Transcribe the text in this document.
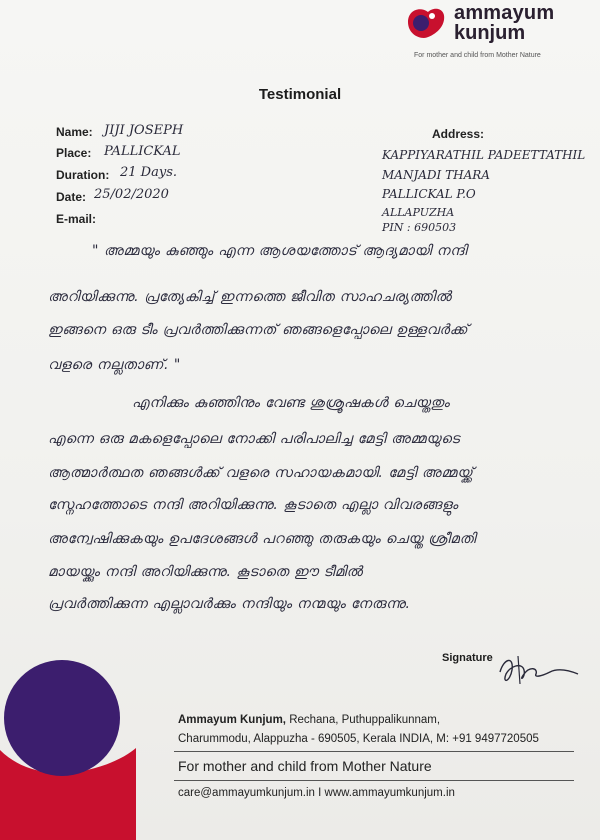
ammayum
kunjum
For mother and child from Mother Nature
Testimonial
Name: JIJI JOSEPH
Place: PALLICKAL
Duration: 21 Days.
Date: 25/02/2020
E-mail:
Address:
KAPPIYARATHIL PADEETTATHIL
MANJADI THARA
PALLICKAL P.O
ALLAPUZHA
PIN : 690503
" അമ്മയും കുഞ്ഞും എന്ന ആശയത്തോട് ആദ്യമായി നന്ദി
അറിയിക്കുന്നു. പ്രത്യേകിച്ച് ഇന്നത്തെ ജീവിത സാഹചര്യത്തിൽ
ഇങ്ങനെ ഒരു ടീം പ്രവർത്തിക്കുന്നത് ഞങ്ങളെപ്പോലെ ഉള്ളവർക്ക്
വളരെ നല്ലതാണ്. "
എനിക്കും കുഞ്ഞിനും വേണ്ട ശുശ്രൂഷകൾ ചെയ്തതും
എന്നെ ഒരു മകളെപ്പോലെ നോക്കി പരിപാലിച്ച മേട്ടി അമ്മയുടെ
ആത്മാർത്ഥത ഞങ്ങൾക്ക് വളരെ സഹായകമായി. മേട്ടി അമ്മയ്ക്ക്
സ്നേഹത്തോടെ നന്ദി അറിയിക്കുന്നു. കൂടാതെ എല്ലാ വിവരങ്ങളും
അന്വേഷിക്കുകയും ഉപദേശങ്ങൾ പറഞ്ഞു തരുകയും ചെയ്ത ശ്രീമതി
മായയ്ക്കും നന്ദി അറിയിക്കുന്നു. കൂടാതെ ഈ ടീമിൽ
പ്രവർത്തിക്കുന്ന എല്ലാവർക്കും നന്ദിയും നന്മയും നേരുന്നു.
Signature
Ammayum Kunjum, Rechana, Puthuppalikunnam,
Charummodu, Alappuzha - 690505, Kerala INDIA, M: +91 9497720505
For mother and child from Mother Nature
care@ammayumkunjum.in I www.ammayumkunjum.in
